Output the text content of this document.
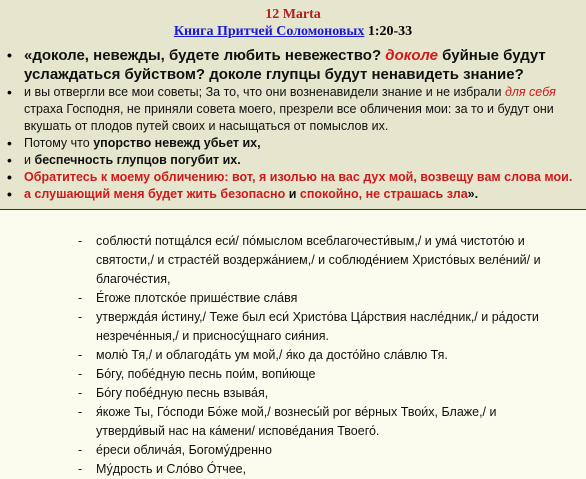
12 Marta
Книга Притчей Соломоновых 1:20-33
• «доколе, невежды, будете любить невежество? доколе буйные будут услаждаться буйством? доколе глупцы будут ненавидеть знание?
• и вы отвергли все мои советы; За то, что они возненавидели знание и не избрали для себя страха Господня, не приняли совета моего, презрели все обличения мои: за то и будут они вкушать от плодов путей своих и насыщаться от помыслов их.
• Потому что упорство невежд убьет их,
• и беспечность глупцов погубит их.
• Обратитесь к моему обличению: вот, я изолью на вас дух мой, возвещу вам слова мои.
• а слушающий меня будет жить безопасно и спокойно, не страшась зла».
- соблюсти́ потща́лся еси́/ по́мыслом всеблагочести́вым,/ и ума́ чистото́ю и святости,/ и страсте́й воздержа́нием,/ и соблюде́нием Христо́вых веле́ний/ и благоче́стия,
- Е́гоже плотско́е прише́ствие сла́вя
- утвержда́я и́стину,/ Теже был еси́ Христо́ва Ца́рствия насле́дник,/ и ра́дости незрече́нныя,/ и присносу́щнаго сия́ния.
- молю́ Тя,/ и облагода́ть ум мой,/ я́ко да досто́йно сла́влю Тя.
- Бо́гу, побе́дную песнь пои́м, вопи́юще
- Бо́гу побе́дную песнь взыва́я,
- я́коже Ты, Го́споди Бо́же мой,/ вознесы́й рог ве́рных Твои́х, Блаже,/ и утверди́вый нас на ка́мени/ испове́дания Твоего́.
- е́реси облича́я, Богому́дренно
- Му́дрость и Сло́во О́тчее,
